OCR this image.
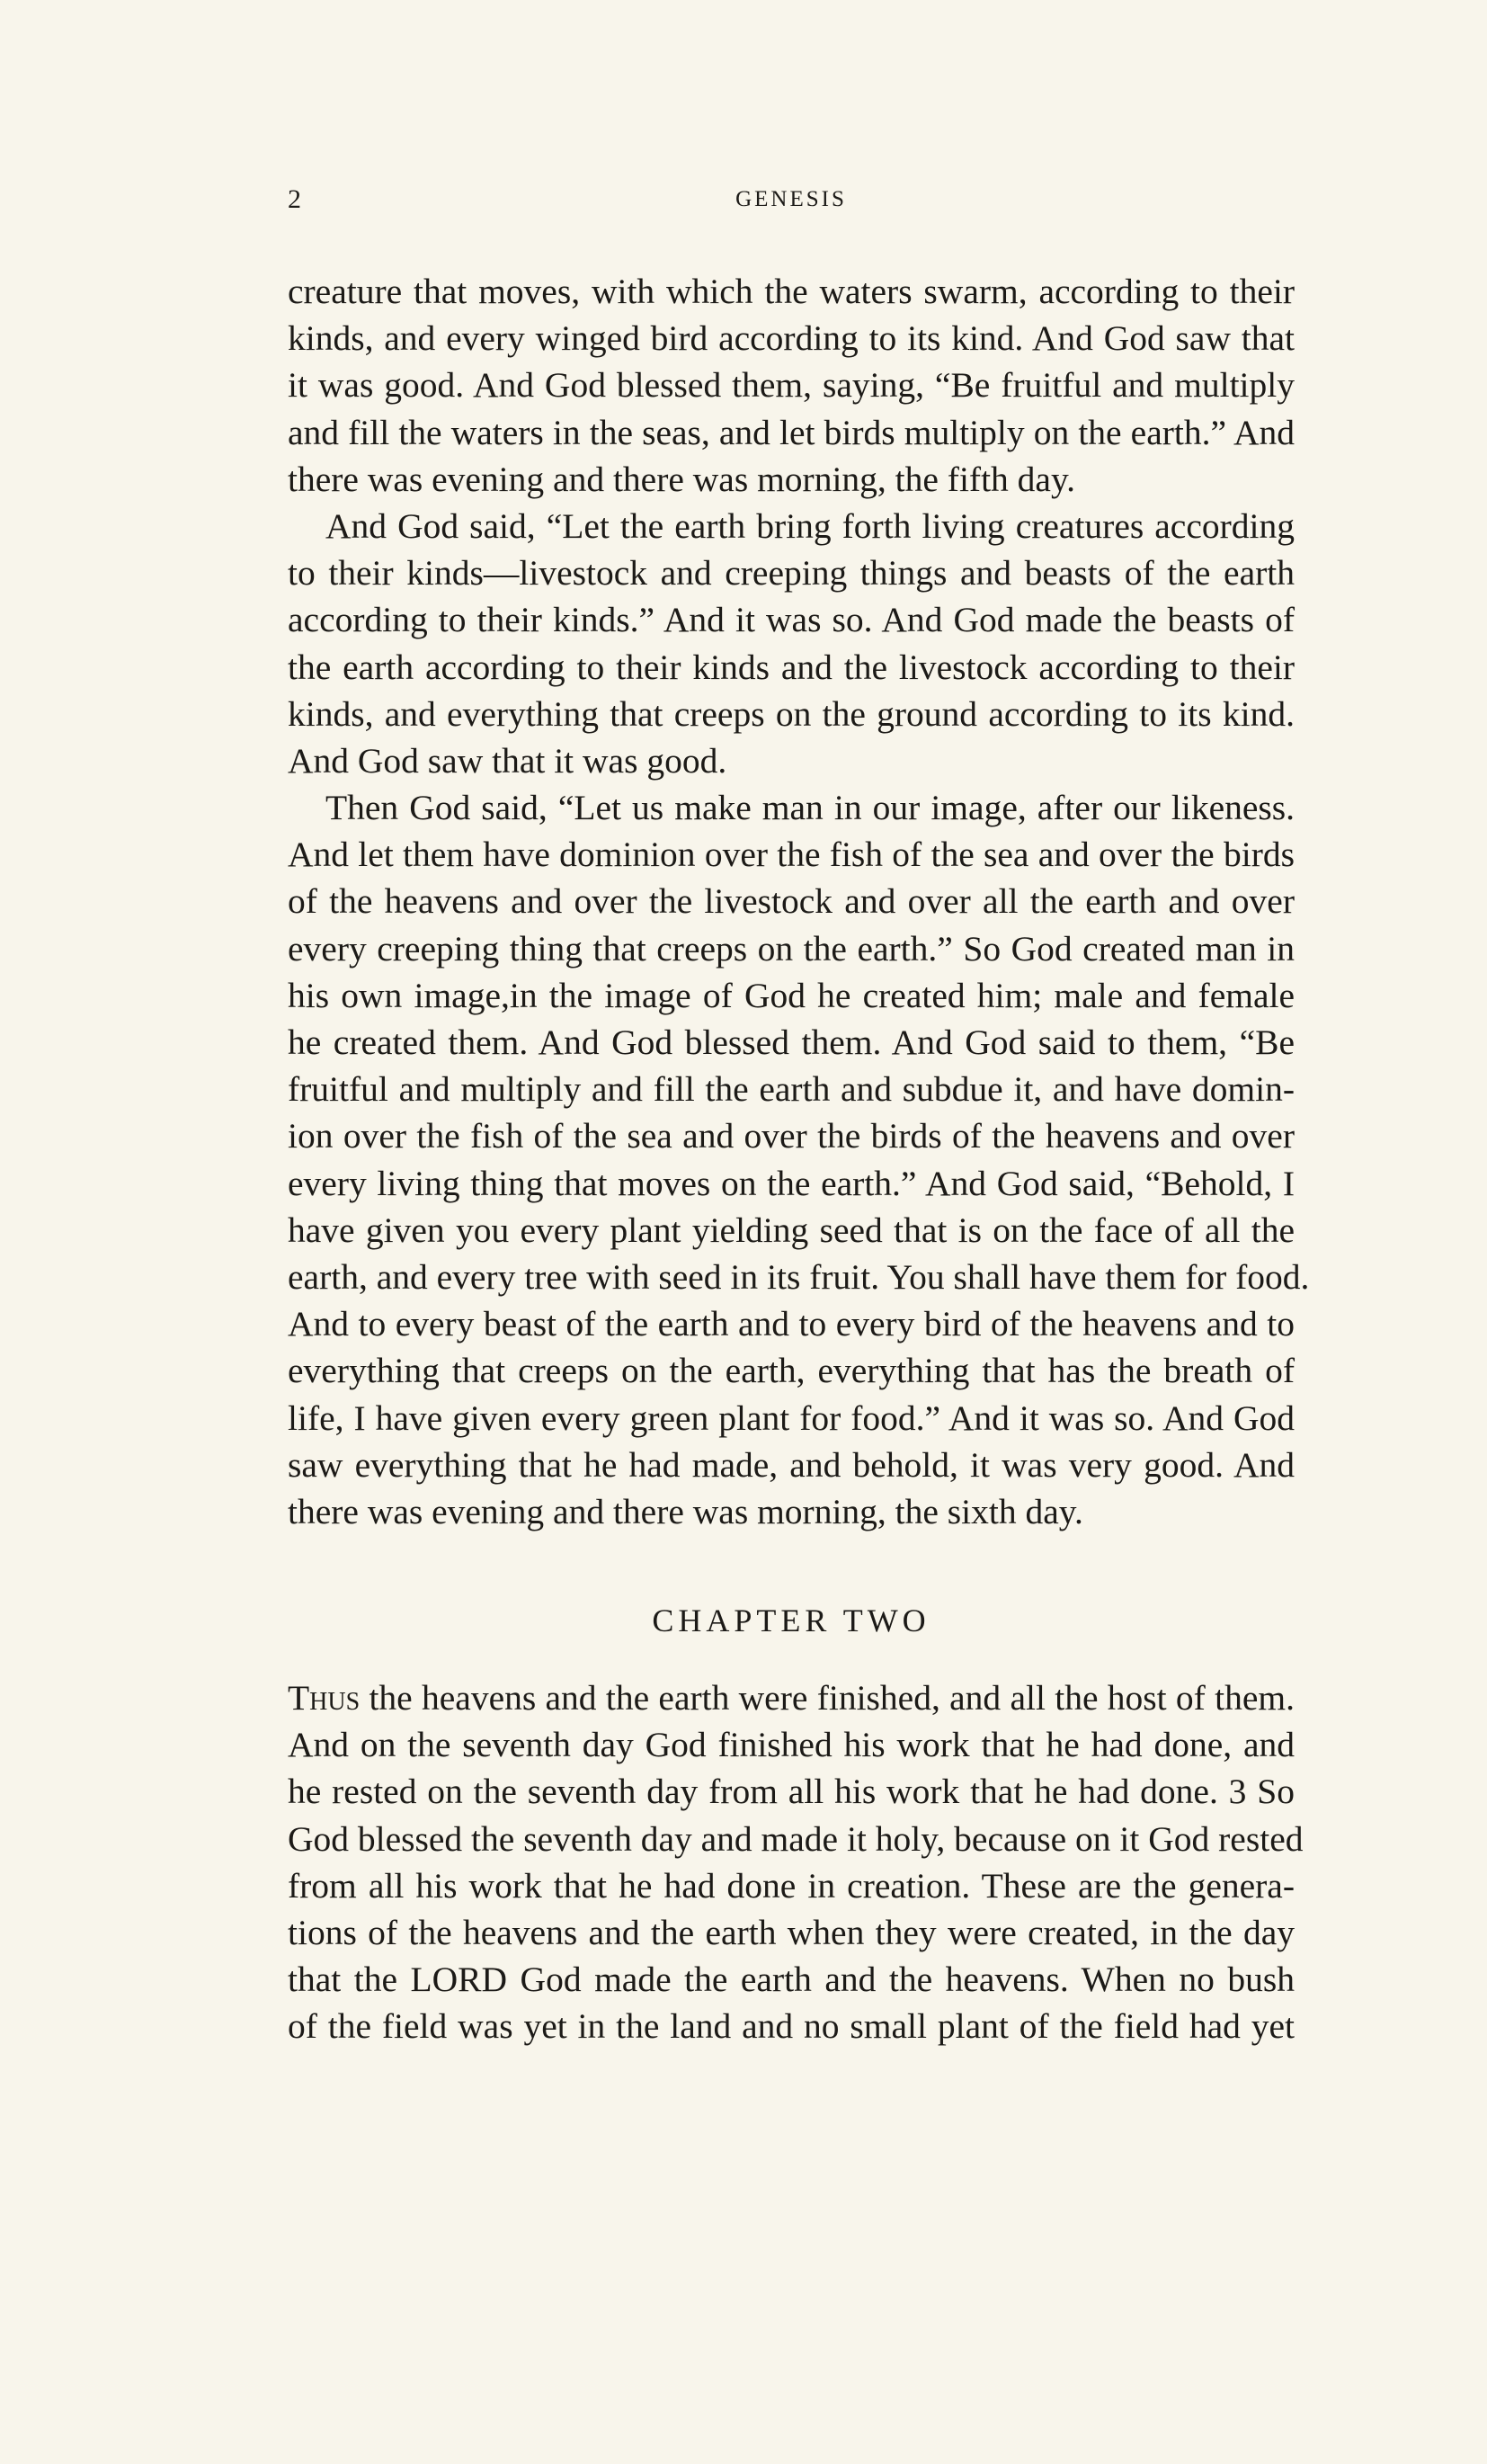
2	GENESIS
creature that moves, with which the waters swarm, according to their
kinds, and every winged bird according to its kind. And God saw that
it was good. And God blessed them, saying, “Be fruitful and multiply
and fill the waters in the seas, and let birds multiply on the earth.” And
there was evening and there was morning, the fifth day.
And God said, “Let the earth bring forth living creatures according
to their kinds—livestock and creeping things and beasts of the earth
according to their kinds.” And it was so. And God made the beasts of
the earth according to their kinds and the livestock according to their
kinds, and everything that creeps on the ground according to its kind.
And God saw that it was good.
Then God said, “Let us make man in our image, after our likeness.
And let them have dominion over the fish of the sea and over the birds
of the heavens and over the livestock and over all the earth and over
every creeping thing that creeps on the earth.” So God created man in
his own image,in the image of God he created him; male and female
he created them. And God blessed them. And God said to them, “Be
fruitful and multiply and fill the earth and subdue it, and have domin-
ion over the fish of the sea and over the birds of the heavens and over
every living thing that moves on the earth.” And God said, “Behold, I
have given you every plant yielding seed that is on the face of all the
earth, and every tree with seed in its fruit. You shall have them for food.
And to every beast of the earth and to every bird of the heavens and to
everything that creeps on the earth, everything that has the breath of
life, I have given every green plant for food.” And it was so. And God
saw everything that he had made, and behold, it was very good. And
there was evening and there was morning, the sixth day.
CHAPTER TWO
Thus the heavens and the earth were finished, and all the host of them.
And on the seventh day God finished his work that he had done, and
he rested on the seventh day from all his work that he had done. 3 So
God blessed the seventh day and made it holy, because on it God rested
from all his work that he had done in creation. These are the genera-
tions of the heavens and the earth when they were created, in the day
that the LORD God made the earth and the heavens. When no bush
of the field was yet in the land and no small plant of the field had yet
